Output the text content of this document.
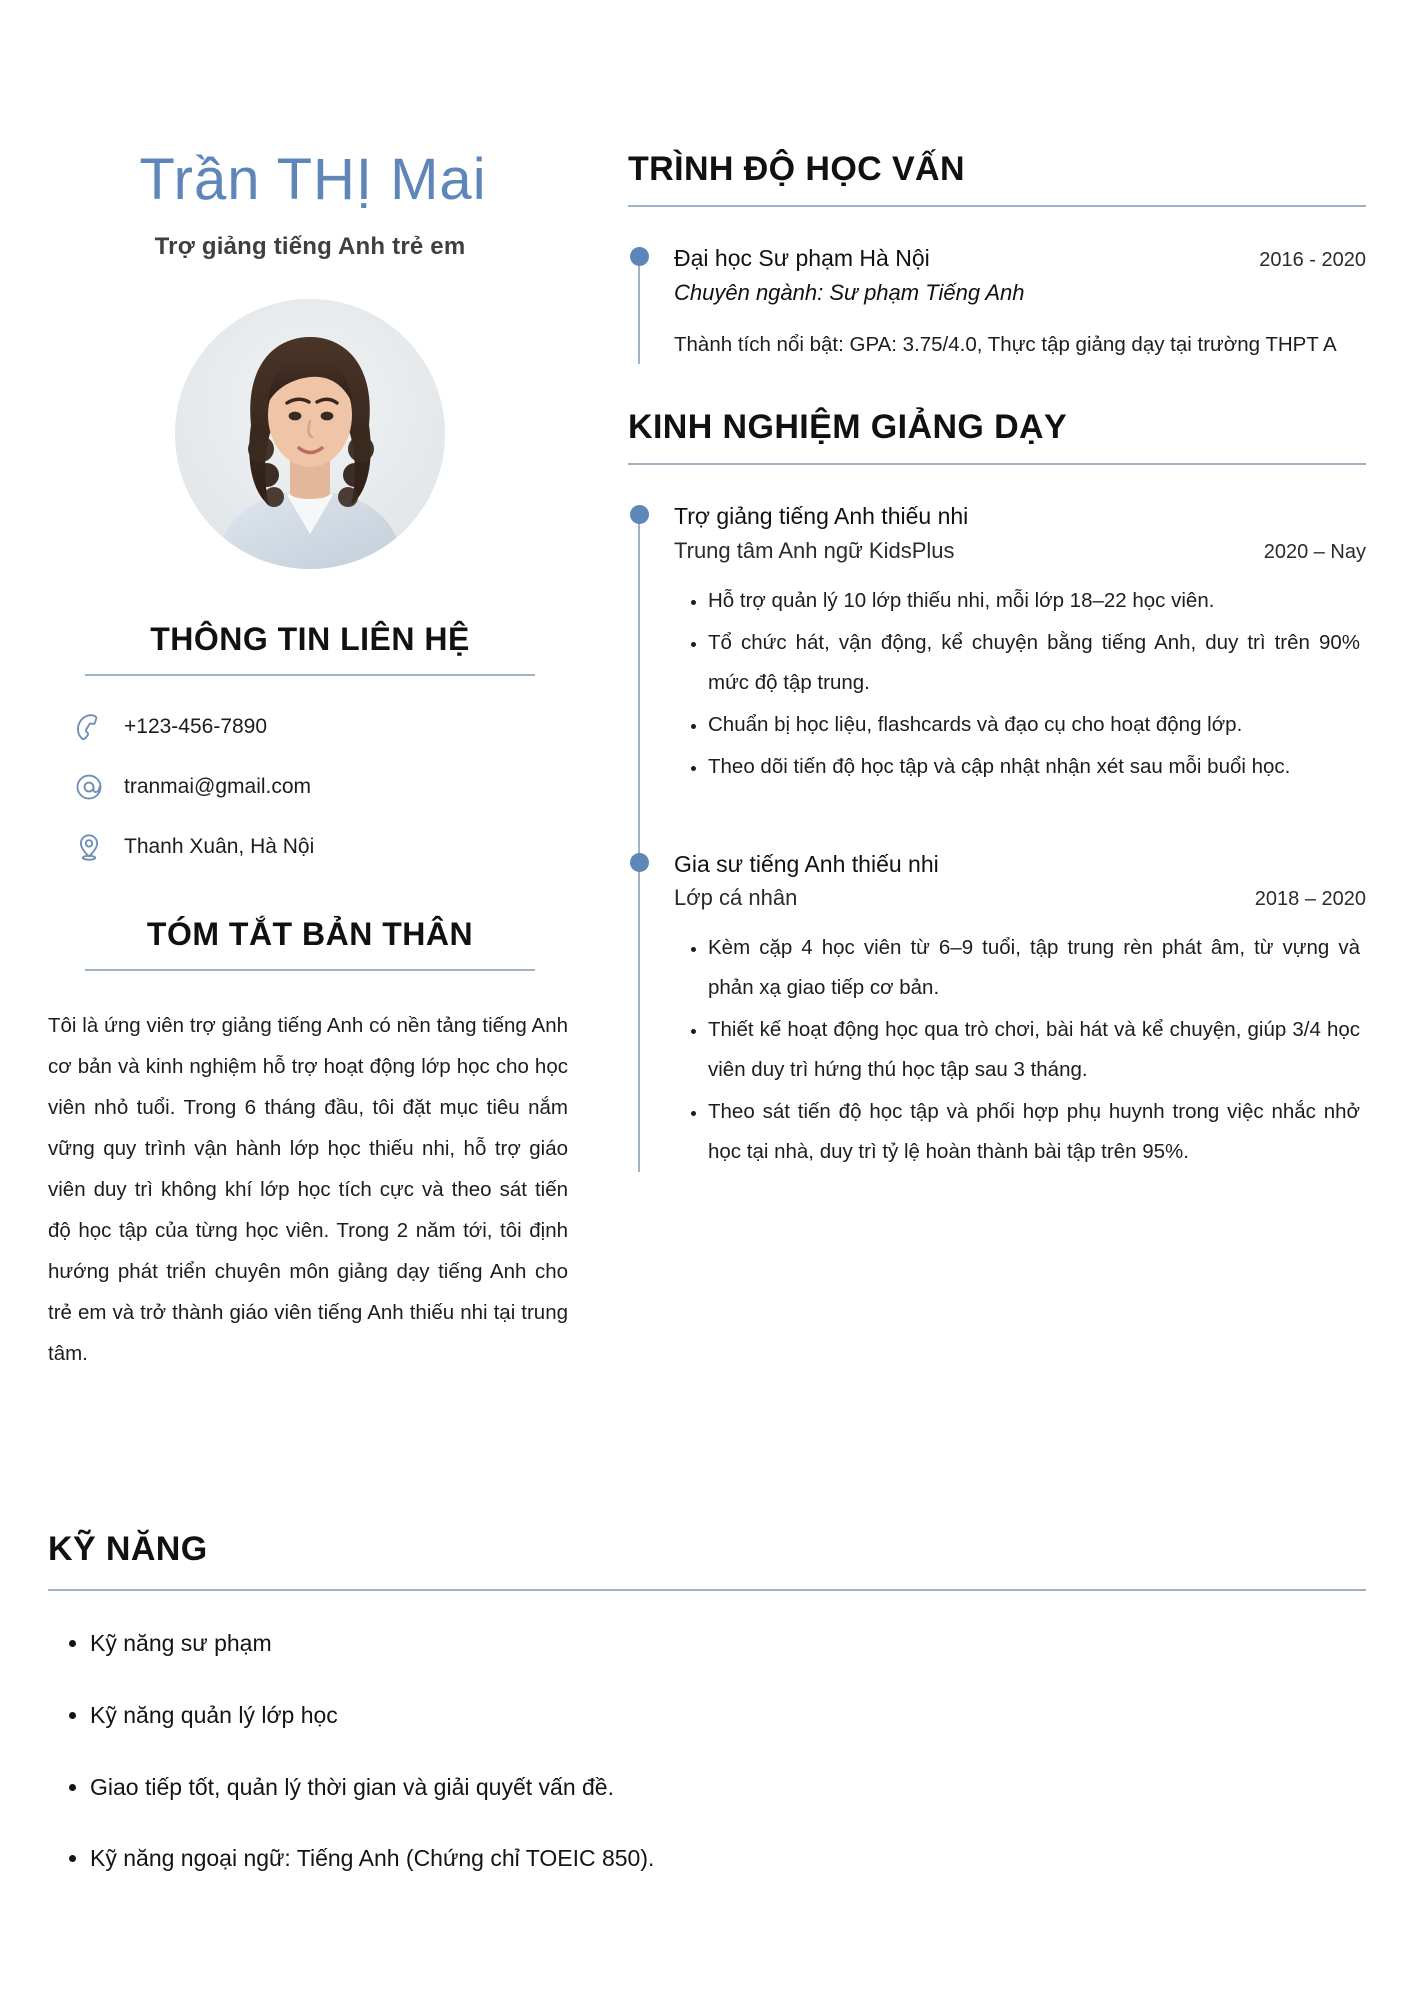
Trần THỊ Mai
Trợ giảng tiếng Anh trẻ em
THÔNG TIN LIÊN HỆ
+123-456-7890
tranmai@gmail.com
Thanh Xuân, Hà Nội
TÓM TẮT BẢN THÂN

Tôi là ứng viên trợ giảng tiếng Anh có nền tảng tiếng Anh cơ bản và kinh nghiệm hỗ trợ hoạt động lớp học cho học viên nhỏ tuổi. Trong 6 tháng đầu, tôi đặt mục tiêu nắm vững quy trình vận hành lớp học thiếu nhi, hỗ trợ giáo viên duy trì không khí lớp học tích cực và theo sát tiến độ học tập của từng học viên. Trong 2 năm tới, tôi định hướng phát triển chuyên môn giảng dạy tiếng Anh cho trẻ em và trở thành giáo viên tiếng Anh thiếu nhi tại trung tâm.

TRÌNH ĐỘ HỌC VẤN
Đại học Sư phạm Hà Nội	2016 - 2020
Chuyên ngành: Sư phạm Tiếng Anh
Thành tích nổi bật: GPA: 3.75/4.0, Thực tập giảng dạy tại trường THPT A
KINH NGHIỆM GIẢNG DẠY
Trợ giảng tiếng Anh thiếu nhi
Trung tâm Anh ngữ KidsPlus	2020 – Nay
• Hỗ trợ quản lý 10 lớp thiếu nhi, mỗi lớp 18–22 học viên.
• Tổ chức hát, vận động, kể chuyện bằng tiếng Anh, duy trì trên 90% mức độ tập trung.
• Chuẩn bị học liệu, flashcards và đạo cụ cho hoạt động lớp.
• Theo dõi tiến độ học tập và cập nhật nhận xét sau mỗi buổi học.
Gia sư tiếng Anh thiếu nhi
Lớp cá nhân	2018 – 2020
• Kèm cặp 4 học viên từ 6–9 tuổi, tập trung rèn phát âm, từ vựng và phản xạ giao tiếp cơ bản.
• Thiết kế hoạt động học qua trò chơi, bài hát và kể chuyện, giúp 3/4 học viên duy trì hứng thú học tập sau 3 tháng.
• Theo sát tiến độ học tập và phối hợp phụ huynh trong việc nhắc nhở học tại nhà, duy trì tỷ lệ hoàn thành bài tập trên 95%.
KỸ NĂNG
• Kỹ năng sư phạm
• Kỹ năng quản lý lớp học
• Giao tiếp tốt, quản lý thời gian và giải quyết vấn đề.
• Kỹ năng ngoại ngữ: Tiếng Anh (Chứng chỉ TOEIC 850).
